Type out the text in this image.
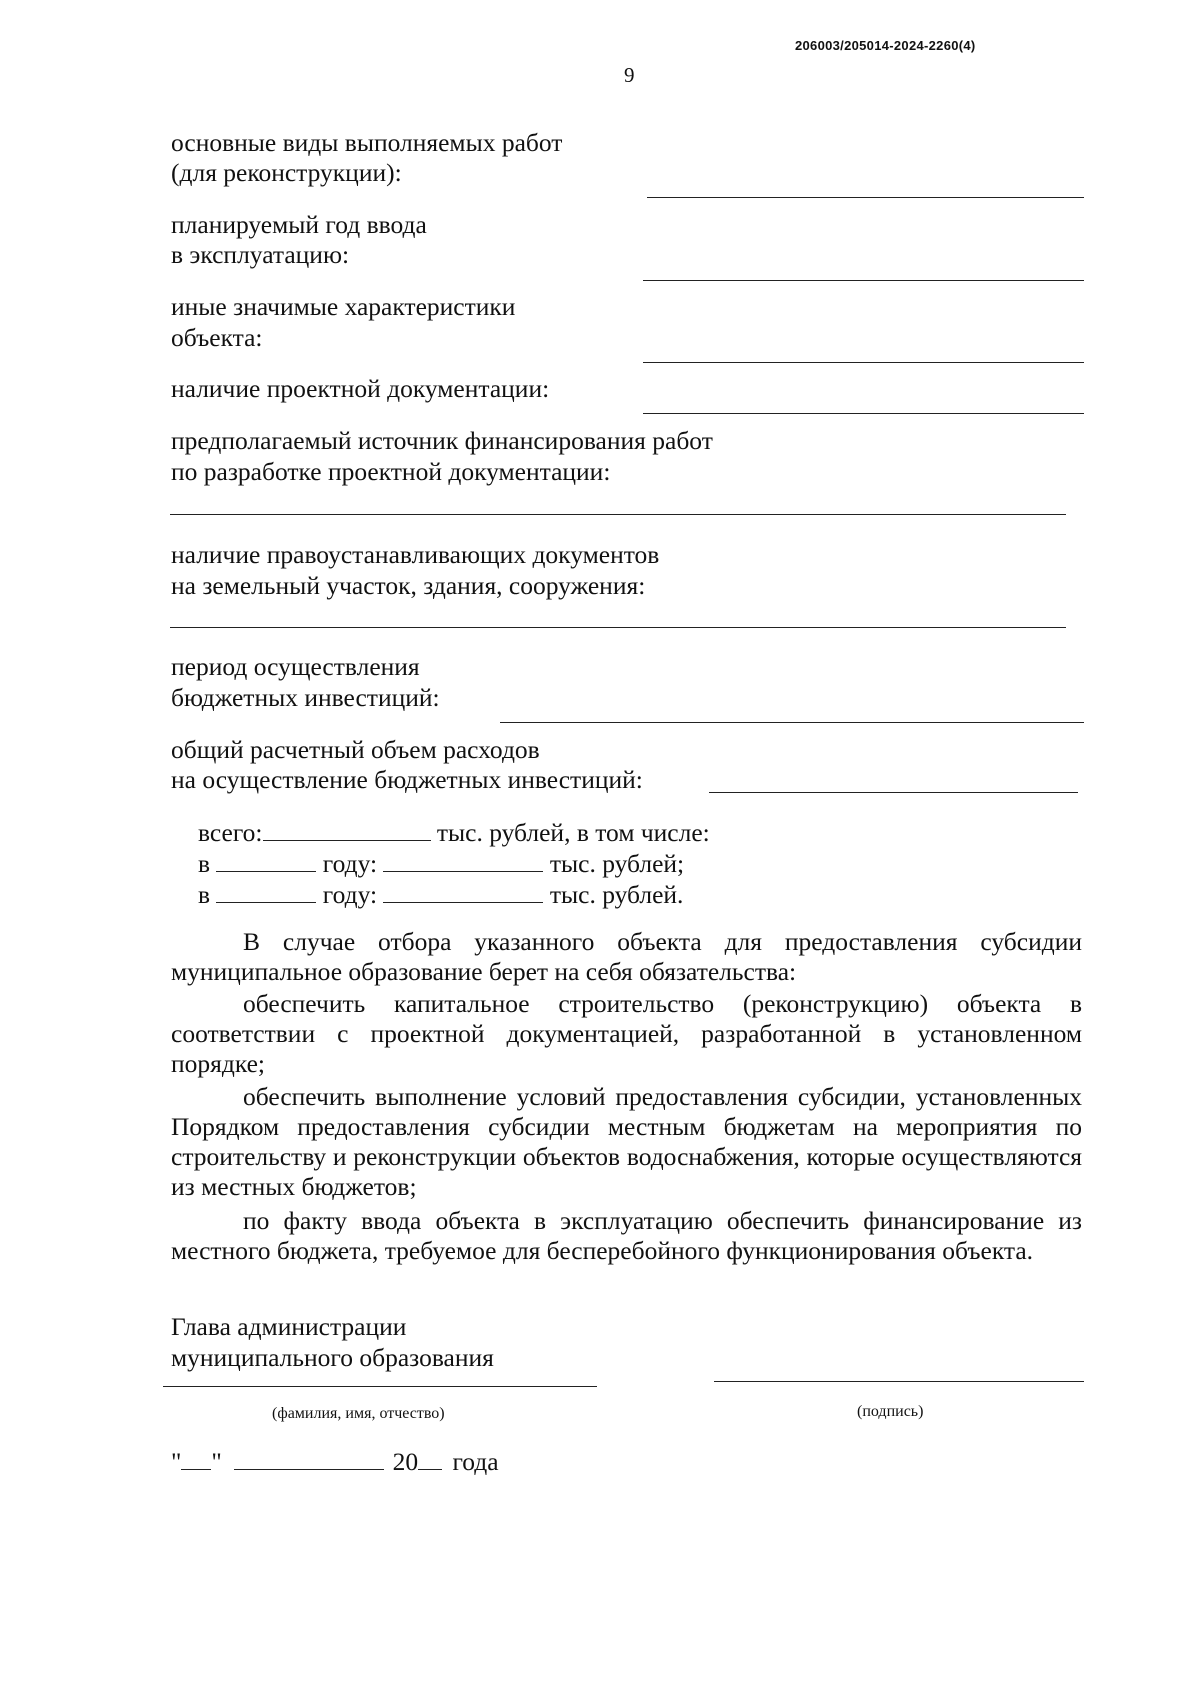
206003/205014-2024-2260(4)
9
основные виды выполняемых работ
(для реконструкции):
планируемый год ввода
в эксплуатацию:
иные значимые характеристики
объекта:
наличие проектной документации:
предполагаемый источник финансирования работ
по разработке проектной документации:
наличие правоустанавливающих документов
на земельный участок, здания, сооружения:
период осуществления
бюджетных инвестиций:
общий расчетный объем расходов
на осуществление бюджетных инвестиций:
всего:	тыс. рублей, в том числе:
в	году:	тыс. рублей;
в	году:	тыс. рублей.
В случае отбора указанного объекта для предоставления субсидии муниципальное образование берет на себя обязательства:
обеспечить капитальное строительство (реконструкцию) объекта в соответствии с проектной документацией, разработанной в установленном порядке;
обеспечить выполнение условий предоставления субсидии, установленных Порядком предоставления субсидии местным бюджетам на мероприятия по строительству и реконструкции объектов водоснабжения, которые осуществляются из местных бюджетов;
по факту ввода объекта в эксплуатацию обеспечить финансирование из местного бюджета, требуемое для бесперебойного функционирования объекта.
Глава администрации
муниципального образования
(фамилия, имя, отчество)	(подпись)
" "	20 года
